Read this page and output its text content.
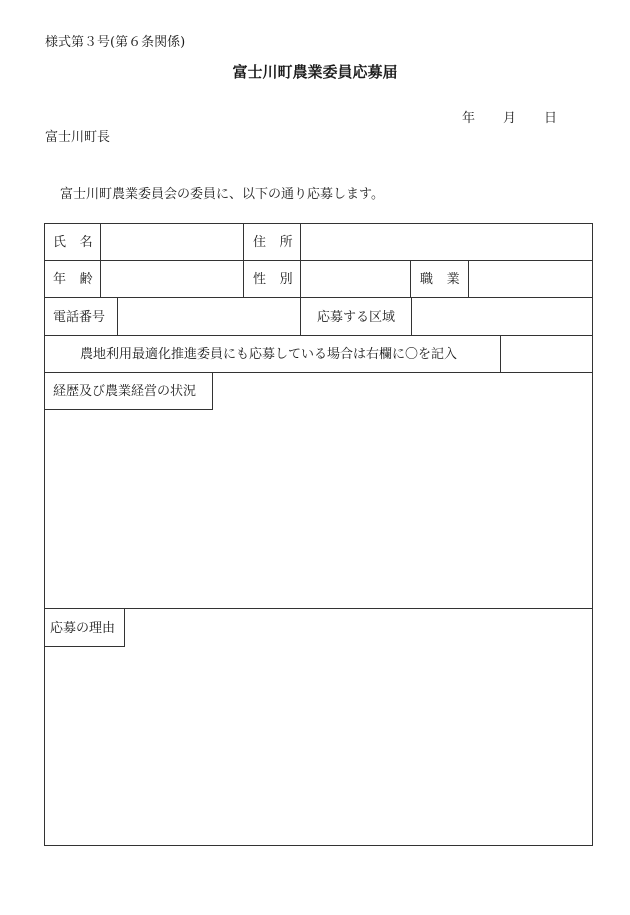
様式第３号(第６条関係)
富士川町農業委員応募届
年 月 日
富士川町長
富士川町農業委員会の委員に、以下の通り応募します。
氏名	住所
年齢	性別	職業
電話番号	応募する区域
農地利用最適化推進委員にも応募している場合は右欄に〇を記入
経歴及び農業経営の状況
応募の理由
